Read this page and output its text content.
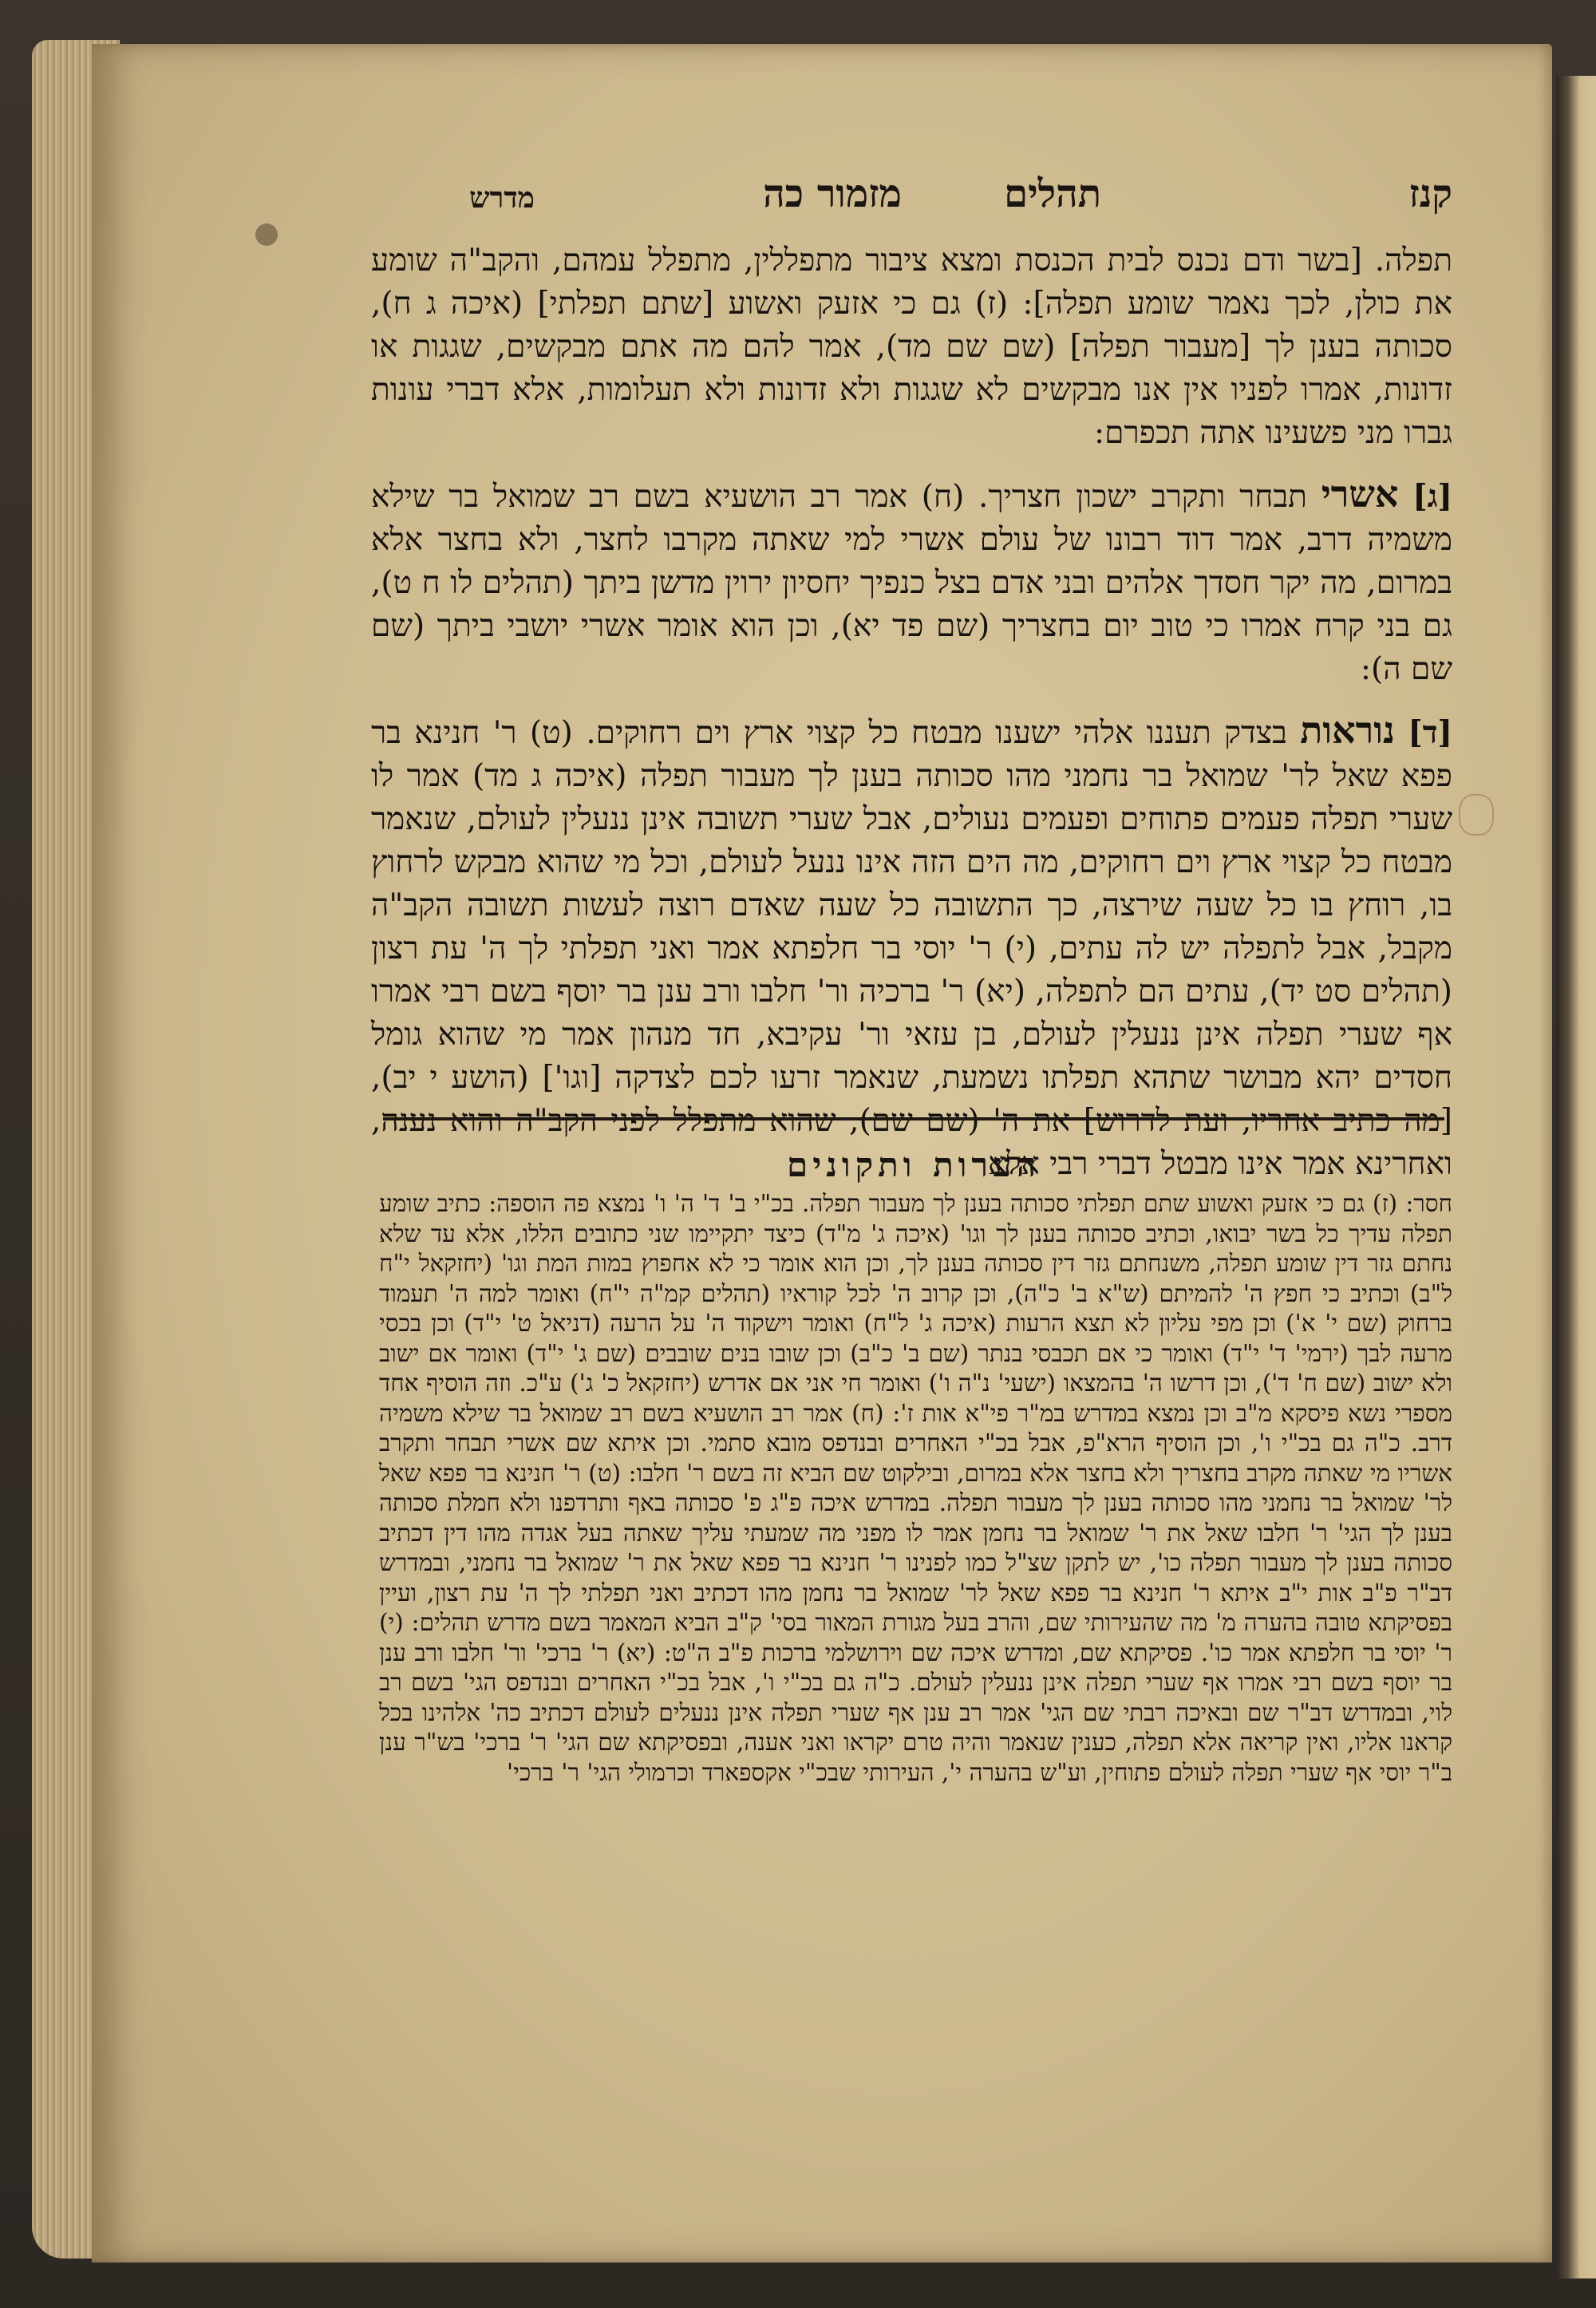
קנז
תהלים
מזמור כה
מדרש

תפלה. [בשר ודם נכנס לבית הכנסת ומצא ציבור מתפללין, מתפלל עמהם, והקב"ה שומע את כולן, לכך נאמר שומע תפלה]: (ז) גם כי אזעק ואשוע [שתם תפלתי] (איכה ג ח), סכותה בענן לך [מעבור תפלה] (שם שם מד), אמר להם מה אתם מבקשים, שגגות או זדונות, אמרו לפניו אין אנו מבקשים לא שגגות ולא זדונות ולא תעלומות, אלא דברי עונות גברו מני פשעינו אתה תכפרם:

[ג] אשרי תבחר ותקרב ישכון חצריך. (ח) אמר רב הושעיא בשם רב שמואל בר שילא משמיה דרב, אמר דוד רבונו של עולם אשרי למי שאתה מקרבו לחצר, ולא בחצר אלא במרום, מה יקר חסדך אלהים ובני אדם בצל כנפיך יחסיון ירוין מדשן ביתך (תהלים לו ח ט), גם בני קרח אמרו כי טוב יום בחצריך (שם פד יא), וכן הוא אומר אשרי יושבי ביתך (שם שם ה):

[ד] נוראות בצדק תעננו אלהי ישענו מבטח כל קצוי ארץ וים רחוקים. (ט) ר' חנינא בר פפא שאל לר' שמואל בר נחמני מהו סכותה בענן לך מעבור תפלה (איכה ג מד) אמר לו שערי תפלה פעמים פתוחים ופעמים נעולים, אבל שערי תשובה אינן ננעלין לעולם, שנאמר מבטח כל קצוי ארץ וים רחוקים, מה הים הזה אינו ננעל לעולם, וכל מי שהוא מבקש לרחוץ בו, רוחץ בו כל שעה שירצה, כך התשובה כל שעה שאדם רוצה לעשות תשובה הקב"ה מקבל, אבל לתפלה יש לה עתים, (י) ר' יוסי בר חלפתא אמר ואני תפלתי לך ה' עת רצון (תהלים סט יד), עתים הם לתפלה, (יא) ר' ברכיה ור' חלבו ורב ענן בר יוסף בשם רבי אמרו אף שערי תפלה אינן ננעלין לעולם, בן עזאי ור' עקיבא, חד מנהון אמר מי שהוא גומל חסדים יהא מבושר שתהא תפלתו נשמעת, שנאמר זרעו לכם לצדקה [וגו'] (הושע י יב), [מה כתיב אחריו, ועת לדרוש] את ה' (שם שם), שהוא מתפלל לפני הקב"ה והוא נענה, ואחרינא אמר אינו מבטל דברי רבי אלא

הערות ותקונים
חסר: (ז) גם כי אזעק ואשוע שתם תפלתי סכותה בענן לך מעבור תפלה. בכ"י ב' ד' ה' ו' נמצא פה הוספה: כתיב שומע תפלה עדיך כל בשר יבואו, וכתיב סכותה בענן לך וגו' (איכה ג' מ"ד) כיצד יתקיימו שני כתובים הללו, אלא עד שלא נחתם גזר דין שומע תפלה, משנחתם גזר דין סכותה בענן לך, וכן הוא אומר כי לא אחפוץ במות המת וגו' (יחזקאל י"ח ל"ב) וכתיב כי חפץ ה' להמיתם (ש"א ב' כ"ה), וכן קרוב ה' לכל קוראיו (תהלים קמ"ה י"ח) ואומר למה ה' תעמוד ברחוק (שם י' א') וכן מפי עליון לא תצא הרעות (איכה ג' ל"ח) ואומר וישקוד ה' על הרעה (דניאל ט' י"ד) וכן בכסי מרעה לבך (ירמי' ד' י"ד) ואומר כי אם תכבסי בנתר (שם ב' כ"ב) וכן שובו בנים שובבים (שם ג' י"ד) ואומר אם ישוב ולא ישוב (שם ח' ד'), וכן דרשו ה' בהמצאו (ישעי' נ"ה ו') ואומר חי אני אם אדרש (יחזקאל כ' ג') ע"כ. וזה הוסיף אחד מספרי נשא פיסקא מ"ב וכן נמצא במדרש במ"ר פי"א אות ז': (ח) אמר רב הושעיא בשם רב שמואל בר שילא משמיה דרב. כ"ה גם בכ"י ו', וכן הוסיף הרא"פ, אבל בכ"י האחרים ובנדפס מובא סתמי. וכן איתא שם אשרי תבחר ותקרב אשריו מי שאתה מקרב בחצריך ולא בחצר אלא במרום, ובילקוט שם הביא זה בשם ר' חלבו: (ט) ר' חנינא בר פפא שאל לר' שמואל בר נחמני מהו סכותה בענן לך מעבור תפלה. במדרש איכה פ"ג פ' סכותה באף ותרדפנו ולא חמלת סכותה בענן לך הגי' ר' חלבו שאל את ר' שמואל בר נחמן אמר לו מפני מה שמעתי עליך שאתה בעל אגדה מהו דין דכתיב סכותה בענן לך מעבור תפלה כו', יש לתקן שצ"ל כמו לפנינו ר' חנינא בר פפא שאל את ר' שמואל בר נחמני, ובמדרש דב"ר פ"ב אות י"ב איתא ר' חנינא בר פפא שאל לר' שמואל בר נחמן מהו דכתיב ואני תפלתי לך ה' עת רצון, ועיין בפסיקתא טובה בהערה מ' מה שהעירותי שם, והרב בעל מגורת המאור בסי' ק"ב הביא המאמר בשם מדרש תהלים: (י) ר' יוסי בר חלפתא אמר כו'. פסיקתא שם, ומדרש איכה שם וירושלמי ברכות פ"ב ה"ט: (יא) ר' ברכי' ור' חלבו ורב ענן בר יוסף בשם רבי אמרו אף שערי תפלה אינן ננעלין לעולם. כ"ה גם בכ"י ו', אבל בכ"י האחרים ובנדפס הגי' בשם רב לוי, ובמדרש דב"ר שם ובאיכה רבתי שם הגי' אמר רב ענן אף שערי תפלה אינן ננעלים לעולם דכתיב כה' אלהינו בכל קראנו אליו, ואין קריאה אלא תפלה, כענין שנאמר והיה טרם יקראו ואני אענה, ובפסיקתא שם הגי' ר' ברכי' בש"ר ענן ב"ר יוסי אף שערי תפלה לעולם פתוחין, וע"ש בהערה י', העירותי שבכ"י אקספארד וכרמולי הגי' ר' ברכי'
